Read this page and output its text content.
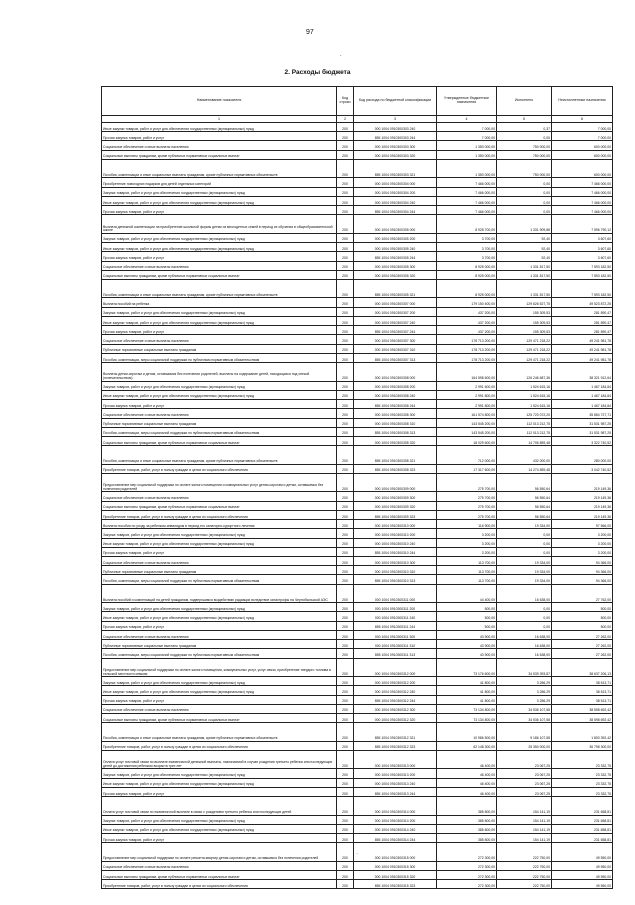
97
.
2. Расходы бюджета
Наименование показателя	Код строки	Код расхода по бюджетной классификации	Утвержденные бюджетные назначения	Исполнено	Неисполненные назначения
1	2	3	4	5	6
Иные закупки товаров, работ и услуг для обеспечения государственных (муниципальных) нужд	200	000 1004 0910300303 240	7 000,00	0,37	7 000,00
Прочая закупка товаров, работ и услуг	200	855 1004 0910300303 244	7 000,00	0,00	7 000,00
Социальное обеспечение и иные выплаты населению	200	000 1004 0910300303 300	1 350 000,00	750 000,00	600 000,00
Социальные выплаты гражданам, кроме публичных нормативных социальных выплат	200	000 1004 0910300303 320	1 350 000,00	750 000,00	600 000,00
Пособия, компенсации и иные социальные выплаты гражданам, кроме публичных нормативных обязательств	200	855 1004 0910300303 321	1 350 000,00	750 000,00	600 000,00
Приобретение новогодних подарков для детей отдельных категорий	200	000 1004 0910300304 000	7 466 000,00	0,00	7 466 000,00
Закупка товаров, работ и услуг для обеспечения государственных (муниципальных) нужд	200	000 1004 0910300304 200	7 466 000,00	0,00	7 466 000,00
Иные закупки товаров, работ и услуг для обеспечения государственных (муниципальных) нужд	200	000 1004 0910300304 240	7 466 000,00	0,00	7 466 000,00
Прочая закупка товаров, работ и услуг	200	855 1004 0910300304 244	7 466 000,00	0,00	7 466 000,00
Выплата денежной компенсации на приобретение школьной формы детям из многодетных семей в период их обучения в общеобразовательной школе	200	000 1004 0910300305 000	8 928 700,00	1 331 909,88	7 596 790,12
Закупка товаров, работ и услуг для обеспечения государственных (муниципальных) нужд	200	000 1004 0910300305 200	3 700,00	92,40	3 607,60
Иные закупки товаров, работ и услуг для обеспечения государственных (муниципальных) нужд	200	000 1004 0910300305 240	3 700,00	92,40	3 607,60
Прочая закупка товаров, работ и услуг	200	855 1004 0910300305 244	3 700,00	92,40	3 607,60
Социальное обеспечение и иные выплаты населению	200	000 1004 0910300305 300	8 925 000,00	1 331 817,50	7 593 182,50
Социальные выплаты гражданам, кроме публичных нормативных социальных выплат	200	000 1004 0910300305 320	8 925 000,00	1 331 817,50	7 593 182,50
Пособия, компенсации и иные социальные выплаты гражданам, кроме публичных нормативных обязательств	200	855 1004 0910300305 321	8 925 000,00	1 331 817,50	7 593 182,50
Выплата пособий на ребенка	200	000 1004 0910300307 000	179 150 400,00	129 626 527,75	49 523 872,25
Закупка товаров, работ и услуг для обеспечения государственных (муниципальных) нужд	200	000 1004 0910300307 200	437 200,00	155 309,53	281 890,47
Иные закупки товаров, работ и услуг для обеспечения государственных (муниципальных) нужд	200	000 1004 0910300307 240	437 200,00	155 309,53	281 890,47
Прочая закупка товаров, работ и услуг	200	855 1004 0910300307 244	437 200,00	155 309,53	281 890,47
Социальное обеспечение и иные выплаты населению	200	000 1004 0910300307 300	178 713 200,00	129 471 218,22	49 241 981,78
Публичные нормативные социальные выплаты гражданам	200	000 1004 0910300307 310	178 713 200,00	129 471 218,22	49 241 981,78
Пособия, компенсации, меры социальной поддержки по публичным нормативным обязательствам	200	855 1004 0910300307 313	178 713 200,00	129 471 218,22	49 241 981,78
Выплаты детям-сиротам и детям, оставшимся без попечения родителей, выплаты на содержание детей, находящихся под опекой (попечительством)	200	000 1004 0910300308 000	164 598 600,00	126 246 687,36	38 321 912,64
Закупка товаров, работ и услуг для обеспечения государственных (муниципальных) нужд	200	000 1004 0910300308 200	2 991 600,00	1 524 615,16	1 467 184,84
Иные закупки товаров, работ и услуг для обеспечения государственных (муниципальных) нужд	200	000 1004 0910300308 240	2 991 800,00	1 524 615,16	1 467 184,84
Прочая закупка товаров, работ и услуг	200	855 1004 0910300308 244	2 991 800,00	1 524 615,16	1 467 184,84
Социальное обеспечение и иные выплаты населению	200	000 1004 0910300308 300	161 574 800,00	125 720 072,20	35 854 727,71
Публичные нормативные социальные выплаты гражданам	200	000 1004 0910300308 310	143 545 200,00	112 013 212,75	31 531 987,25
Пособия, компенсации, меры социальной поддержки по публичным нормативным обязательствам	200	855 1004 0910300308 313	143 545 200,00	112 013 212,75	31 531 987,25
Социальные выплаты гражданам, кроме публичных нормативных социальных выплат	200	000 1004 0910300308 320	18 029 600,00	14 706 859,48	3 322 740,52
Пособия, компенсации и иные социальные выплаты гражданам, кроме публичных нормативных обязательств	200	855 1004 0910300308 321	712 000,00	432 000,00	280 000,00
Приобретение товаров, работ, услуг в пользу граждан в целях их социального обеспечения	200	855 1004 0910300308 323	17 317 600,00	14 274 859,48	3 042 740,52
Предоставление мер социальной поддержки по оплате жилого помещения и коммунальных услуг детям-сиротам и детям, оставшимся без попечения родителей	200	000 1004 0910300309 000	275 700,00	56 550,64	219 149,36
Социальное обеспечение и иные выплаты населению	200	000 1004 0910300309 300	275 700,00	56 550,64	219 149,36
Социальные выплаты гражданам, кроме публичных нормативных социальных выплат	200	000 1004 0910300309 320	275 700,00	56 550,64	219 149,36
Приобретение товаров, работ, услуг в пользу граждан в целях их социального обеспечения	200	855 1004 0910300309 323	275 700,00	56 550,64	219 149,36
Выплата пособия по уходу за ребенком-инвалидом в период его санаторно-курортного лечения	200	000 1004 0910300310 000	116 900,00	19 334,00	97 566,00
Закупка товаров, работ и услуг для обеспечения государственных (муниципальных) нужд	200	000 1004 0910300310 200	3 200,00	0,00	3 200,00
Иные закупки товаров, работ и услуг для обеспечения государственных (муниципальных) нужд	200	000 1004 0910300310 240	3 200,00	0,00	3 200,00
Прочая закупка товаров, работ и услуг	200	855 1004 0910300310 244	3 200,00	0,00	3 200,00
Социальное обеспечение и иные выплаты населению	200	000 1004 0910300310 300	113 700,00	19 334,00	94 366,00
Публичные нормативные социальные выплаты гражданам	200	000 1004 0910300310 310	113 700,00	19 334,00	94 366,00
Пособия, компенсации, меры социальной поддержки по публичным нормативным обязательствам	200	855 1004 0910300310 313	113 700,00	19 334,00	94 366,00
Выплата пособий и компенсаций на детей гражданам, подвергшимся воздействию радиации вследствие катастрофы на Чернобыльской АЭС	200	000 1004 0910300311 000	44 400,00	16 638,00	27 762,00
Закупка товаров, работ и услуг для обеспечения государственных (муниципальных) нужд	200	000 1004 0910300311 200	500,00	0,00	500,00
Иные закупки товаров, работ и услуг для обеспечения государственных (муниципальных) нужд	200	000 1004 0910300311 240	500,00	0,00	500,00
Прочая закупка товаров, работ и услуг	200	855 1004 0910300311 244	500,00	0,00	500,00
Социальное обеспечение и иные выплаты населению	200	000 1004 0910300311 300	43 900,00	16 638,00	27 262,00
Публичные нормативные социальные выплаты гражданам	200	000 1004 0910300311 310	43 900,00	16 638,00	27 262,00
Пособия, компенсации, меры социальной поддержки по публичным нормативным обязательствам	200	855 1004 0910300311 313	43 900,00	16 638,00	27 262,00
Предоставление мер социальной поддержки по оплате жилого помещения, коммунальных услуг, услуг связи, приобретение твердого топлива в сельской местности семьям	200	000 1004 0910300312 000	73 176 600,00	34 539 393,87	38 637 206,13
Закупка товаров, работ и услуг для обеспечения государственных (муниципальных) нужд	200	000 1004 0910300312 200	41 800,00	3 286,29	38 513,71
Иные закупки товаров, работ и услуг для обеспечения государственных (муниципальных) нужд	200	000 1004 0910300312 240	41 800,00	3 286,29	38 513,71
Прочая закупка товаров, работ и услуг	200	855 1004 0910300312 244	41 800,00	3 286,29	38 513,71
Социальное обеспечение и иные выплаты населению	200	000 1004 0910300312 300	73 134 800,00	34 536 107,58	38 598 692,42
Социальные выплаты гражданам, кроме публичных нормативных социальных выплат	200	000 1004 0910300312 320	73 134 800,00	34 536 107,58	38 598 692,42
Пособия, компенсации и иные социальные выплаты гражданам, кроме публичных нормативных обязательств	200	855 1004 0910300312 321	10 986 500,00	9 186 107,58	1 800 392,42
Приобретение товаров, работ, услуг в пользу граждан в целях их социального обеспечения	200	855 1004 0910300312 323	62 148 300,00	25 350 000,00	36 798 300,00
Оплата услуг почтовой связи по выплате ежемесячной денежной выплаты, назначаемой в случае рождения третьего ребенка или последующих детей до достижения ребенком возраста трех лет	200	000 1004 0910300313 000	46 400,00	23 067,25	23 332,75
Закупка товаров, работ и услуг для обеспечения государственных (муниципальных) нужд	200	000 1004 0910300313 200	46 400,00	23 067,25	23 332,75
Иные закупки товаров, работ и услуг для обеспечения государственных (муниципальных) нужд	200	000 1004 0910300313 240	46 400,00	23 067,25	23 332,75
Прочая закупка товаров, работ и услуг	200	855 1004 0910300313 244	46 400,00	23 067,25	23 332,75
Оплата услуг почтовой связи по ежемесячной выплате в связи с рождением третьего ребенка или последующих детей	200	000 1004 0910300314 000	385 800,00	154 141,19	231 658,81
Закупка товаров, работ и услуг для обеспечения государственных (муниципальных) нужд	200	000 1004 0910300314 200	385 800,00	154 141,19	231 658,81
Иные закупки товаров, работ и услуг для обеспечения государственных (муниципальных) нужд	200	000 1004 0910300314 240	385 800,00	154 141,19	231 658,81
Прочая закупка товаров, работ и услуг	200	855 1004 0910300314 244	385 800,00	154 141,19	231 658,81
Предоставление мер социальной поддержки по оплате ремонта квартир детям-сиротам и детям, оставшимся без попечения родителей	200	000 1004 0910300315 000	272 300,00	222 750,00	49 550,00
Социальное обеспечение и иные выплаты населению	200	000 1004 0910300315 300	272 300,00	222 750,00	49 550,00
Социальные выплаты гражданам, кроме публичных нормативных социальных выплат	200	000 1004 0910300315 320	272 300,00	222 750,00	49 550,00
Приобретение товаров, работ, услуг в пользу граждан в целях их социального обеспечения	200	855 1004 0910300315 323	272 300,00	222 750,00	49 550,00
·
